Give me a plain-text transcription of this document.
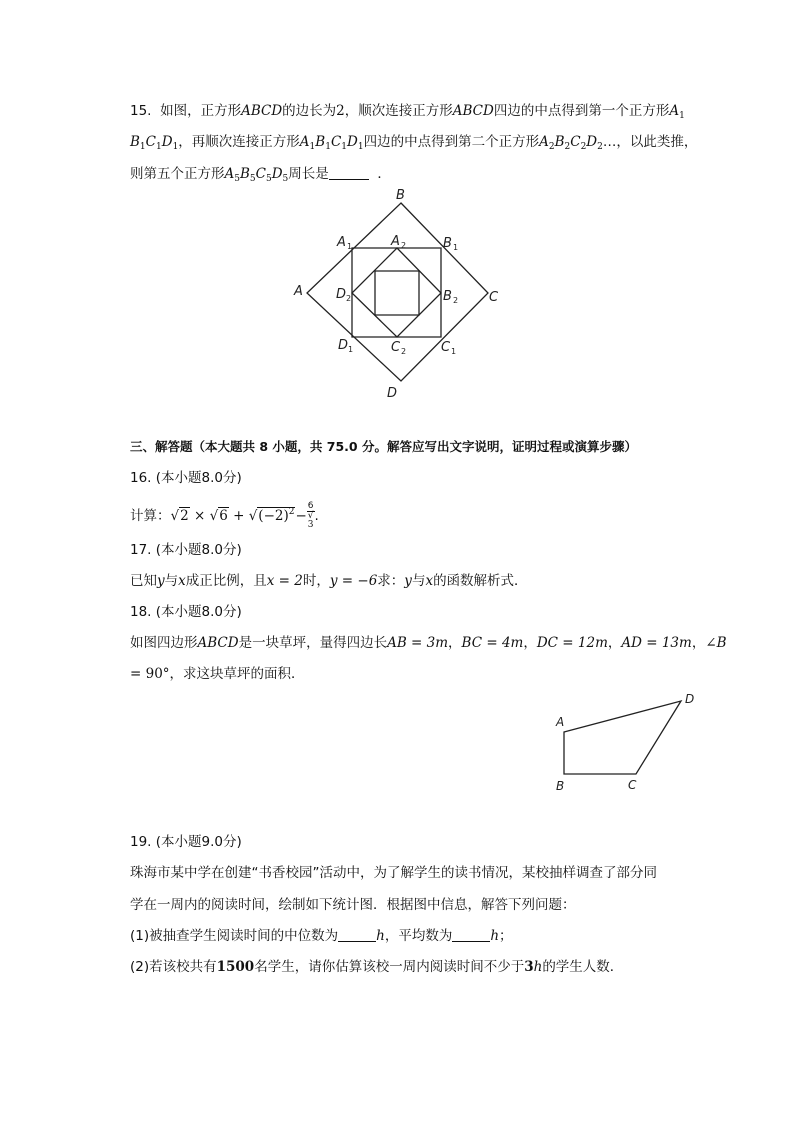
15. 如图，正方形ABCD的边长为2，顺次连接正方形ABCD四边的中点得到第一个正方形$A_1$
$B_1C_1D_1$，再顺次连接正方形$A_1B_1C_1D_1$四边的中点得到第二个正方形$A_2B_2C_2D_2\dots$，以此类推，
则第五个正方形$A_5B_5C_5D_5$周长是	．
B
A	C
D
A 1	A 2	B 1
D 2	B 2
D 1	C 2	C 1
三、解答题（本大题共 8 小题，共 75.0 分。解答应写出文字说明，证明过程或演算步骤）
16. (本小题8.0分)
计算：$√2 \times √6 + √(-2)^2- 6$
√
3 .
17. (本小题8.0分)
已知y与x成正比例，且x = 2时，y = −6求：y与x的函数解析式．
18. (本小题8.0分)
如图四边形ABCD是一块草坪，量得四边长AB = 3m，BC = 4m，DC = 12m，AD = 13m，∠B
= 90°，求这块草坪的面积．
A
D
B	C
19. (本小题9.0分)
珠海市某中学在创建“书香校园”活动中，为了解学生的读书情况，某校抽样调查了部分同
学在一周内的阅读时间，绘制如下统计图．根据图中信息，解答下列问题：
(1)被抽查学生阅读时间的中位数为	h，平均数为	h；
(2)若该校共有1500名学生，请你估算该校一周内阅读时间不少于3h的学生人数．
